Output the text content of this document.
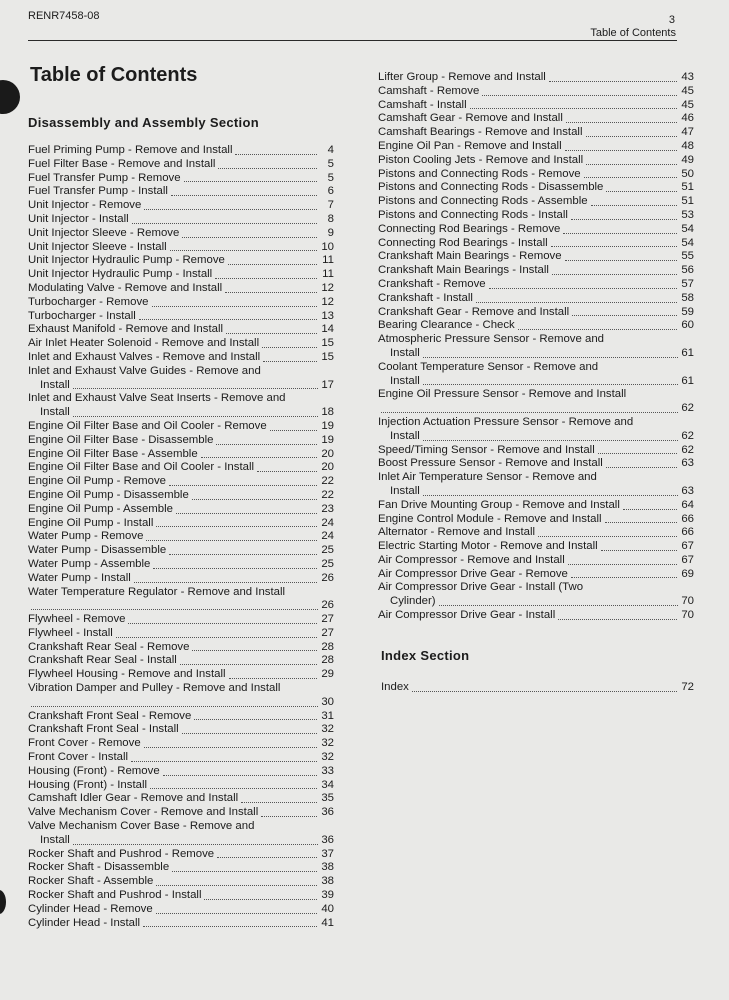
RENR7458-08	3
Table of Contents
Table of Contents
Disassembly and Assembly Section
Fuel Priming Pump - Remove and Install	4
Fuel Filter Base - Remove and Install	5
Fuel Transfer Pump - Remove	5
Fuel Transfer Pump - Install	6
Unit Injector - Remove	7
Unit Injector - Install	8
Unit Injector Sleeve - Remove	9
Unit Injector Sleeve - Install	10
Unit Injector Hydraulic Pump - Remove	11
Unit Injector Hydraulic Pump - Install	11
Modulating Valve - Remove and Install	12
Turbocharger - Remove	12
Turbocharger - Install	13
Exhaust Manifold - Remove and Install	14
Air Inlet Heater Solenoid - Remove and Install	15
Inlet and Exhaust Valves - Remove and Install	15
Inlet and Exhaust Valve Guides - Remove and
Install	17
Inlet and Exhaust Valve Seat Inserts - Remove and
Install	18
Engine Oil Filter Base and Oil Cooler - Remove	19
Engine Oil Filter Base - Disassemble	19
Engine Oil Filter Base - Assemble	20
Engine Oil Filter Base and Oil Cooler - Install	20
Engine Oil Pump - Remove	22
Engine Oil Pump - Disassemble	22
Engine Oil Pump - Assemble	23
Engine Oil Pump - Install	24
Water Pump - Remove	24
Water Pump - Disassemble	25
Water Pump - Assemble	25
Water Pump - Install	26
Water Temperature Regulator - Remove and Install
26
Flywheel - Remove	27
Flywheel - Install	27
Crankshaft Rear Seal - Remove	28
Crankshaft Rear Seal - Install	28
Flywheel Housing - Remove and Install	29
Vibration Damper and Pulley - Remove and Install
30
Crankshaft Front Seal - Remove	31
Crankshaft Front Seal - Install	32
Front Cover - Remove	32
Front Cover - Install	32
Housing (Front) - Remove	33
Housing (Front) - Install	34
Camshaft Idler Gear - Remove and Install	35
Valve Mechanism Cover - Remove and Install	36
Valve Mechanism Cover Base - Remove and
Install	36
Rocker Shaft and Pushrod - Remove	37
Rocker Shaft - Disassemble	38
Rocker Shaft - Assemble	38
Rocker Shaft and Pushrod - Install	39
Cylinder Head - Remove	40
Cylinder Head - Install	41
Lifter Group - Remove and Install	43
Camshaft - Remove	45
Camshaft - Install	45
Camshaft Gear - Remove and Install	46
Camshaft Bearings - Remove and Install	47
Engine Oil Pan - Remove and Install	48
Piston Cooling Jets - Remove and Install	49
Pistons and Connecting Rods - Remove	50
Pistons and Connecting Rods - Disassemble	51
Pistons and Connecting Rods - Assemble	51
Pistons and Connecting Rods - Install	53
Connecting Rod Bearings - Remove	54
Connecting Rod Bearings - Install	54
Crankshaft Main Bearings - Remove	55
Crankshaft Main Bearings - Install	56
Crankshaft - Remove	57
Crankshaft - Install	58
Crankshaft Gear - Remove and Install	59
Bearing Clearance - Check	60
Atmospheric Pressure Sensor - Remove and
Install	61
Coolant Temperature Sensor - Remove and
Install	61
Engine Oil Pressure Sensor - Remove and Install
62
Injection Actuation Pressure Sensor - Remove and
Install	62
Speed/Timing Sensor - Remove and Install	62
Boost Pressure Sensor - Remove and Install	63
Inlet Air Temperature Sensor - Remove and
Install	63
Fan Drive Mounting Group - Remove and Install	64
Engine Control Module - Remove and Install	66
Alternator - Remove and Install	66
Electric Starting Motor - Remove and Install	67
Air Compressor - Remove and Install	67
Air Compressor Drive Gear - Remove	69
Air Compressor Drive Gear - Install (Two
Cylinder)	70
Air Compressor Drive Gear - Install	70
Index Section
Index	72
